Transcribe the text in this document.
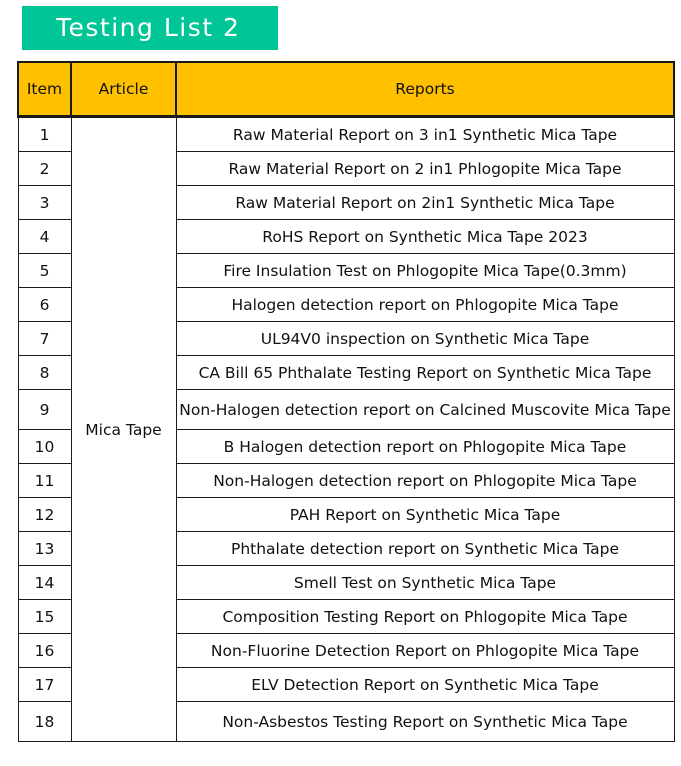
Testing List 2
Item	Article	Reports
1	Mica Tape	Raw Material Report on 3 in1 Synthetic Mica Tape
2		Raw Material Report on 2 in1 Phlogopite Mica Tape
3		Raw Material Report on 2in1 Synthetic Mica Tape
4		RoHS Report on Synthetic Mica Tape 2023
5		Fire Insulation Test on Phlogopite Mica Tape(0.3mm)
6		Halogen detection report on Phlogopite Mica Tape
7		UL94V0 inspection on Synthetic Mica Tape
8		CA Bill 65 Phthalate Testing Report on Synthetic Mica Tape
9		Non-Halogen detection report on Calcined Muscovite Mica Tape
10		B Halogen detection report on Phlogopite Mica Tape
11		Non-Halogen detection report on Phlogopite Mica Tape
12		PAH Report on Synthetic Mica Tape
13		Phthalate detection report on Synthetic Mica Tape
14		Smell Test on Synthetic Mica Tape
15		Composition Testing Report on Phlogopite Mica Tape
16		Non-Fluorine Detection Report on Phlogopite Mica Tape
17		ELV Detection Report on Synthetic Mica Tape
18		Non-Asbestos Testing Report on Synthetic Mica Tape
